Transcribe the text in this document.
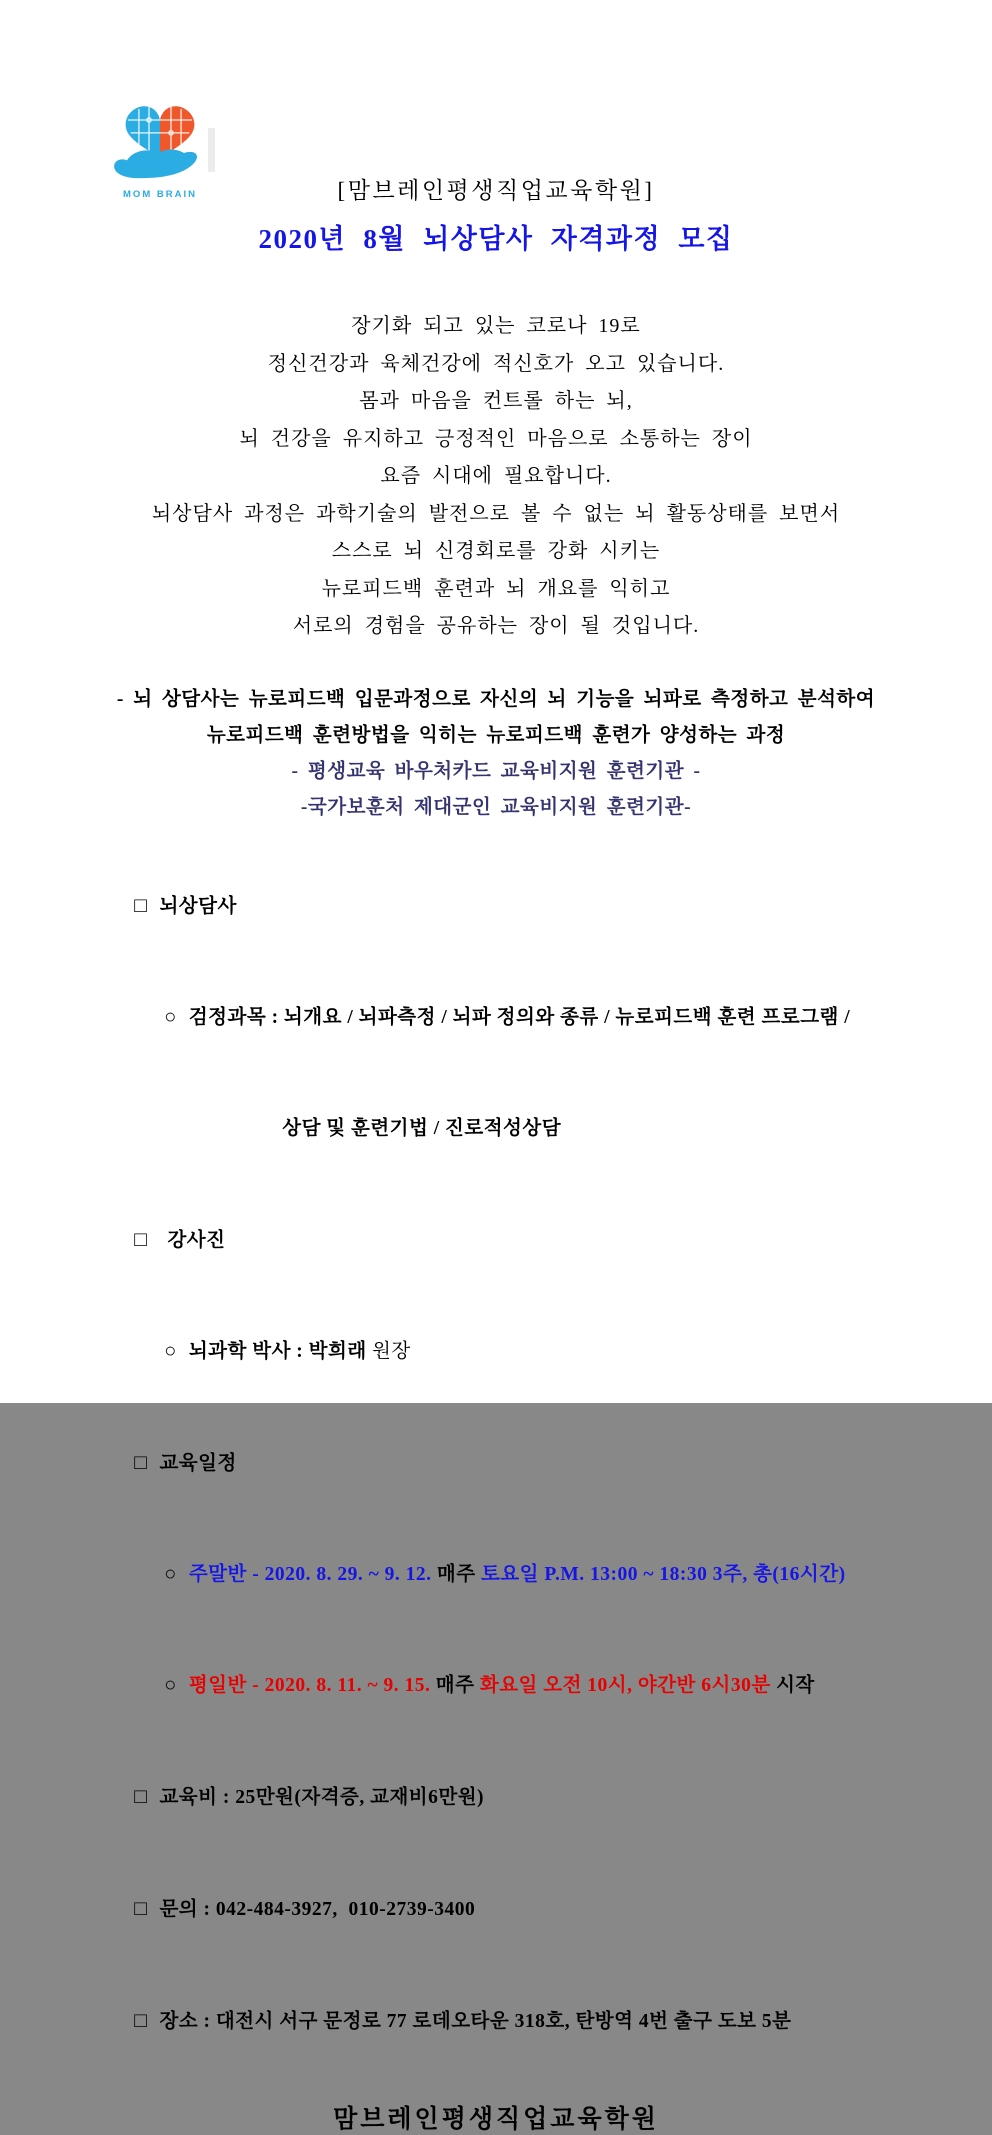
MOM BRAIN	[맘브레인평생직업교육학원]
2020년 8월 뇌상담사 자격과정 모집
장기화 되고 있는 코로나 19로
정신건강과 육체건강에 적신호가 오고 있습니다.
몸과 마음을 컨트롤 하는 뇌,
뇌 건강을 유지하고 긍정적인 마음으로 소통하는 장이
요즘 시대에 필요합니다.
뇌상담사 과정은 과학기술의 발전으로 볼 수 없는 뇌 활동상태를 보면서
스스로 뇌 신경회로를 강화 시키는
뉴로피드백 훈련과 뇌 개요를 익히고
서로의 경험을 공유하는 장이 될 것입니다.
- 뇌 상담사는 뉴로피드백 입문과정으로 자신의 뇌 기능을 뇌파로 측정하고 분석하여
뉴로피드백 훈련방법을 익히는 뉴로피드백 훈련가 양성하는 과정
- 평생교육 바우처카드 교육비지원 훈련기관 -
-국가보훈처 제대군인 교육비지원 훈련기관-

□ 뇌상담사

○ 검정과목 : 뇌개요 / 뇌파측정 / 뇌파 정의와 종류 / 뉴로피드백 훈련 프로그램 /

상담 및 훈련기법 / 진로적성상담

□ 강사진

○ 뇌과학 박사 : 박희래 원장

□ 교육일정

○ 주말반 - 2020. 8. 29. ~ 9. 12. 매주 토요일 P.M. 13:00 ~ 18:30 3주, 총(16시간)

○ 평일반 - 2020. 8. 11. ~ 9. 15. 매주 화요일 오전 10시, 야간반 6시30분 시작

□ 교육비 : 25만원(자격증, 교재비6만원)

□ 문의 : 042-484-3927,  010-2739-3400

□ 장소 : 대전시 서구 문정로 77 로데오타운 318호, 탄방역 4번 출구 도보 5분

맘브레인평생직업교육학원
